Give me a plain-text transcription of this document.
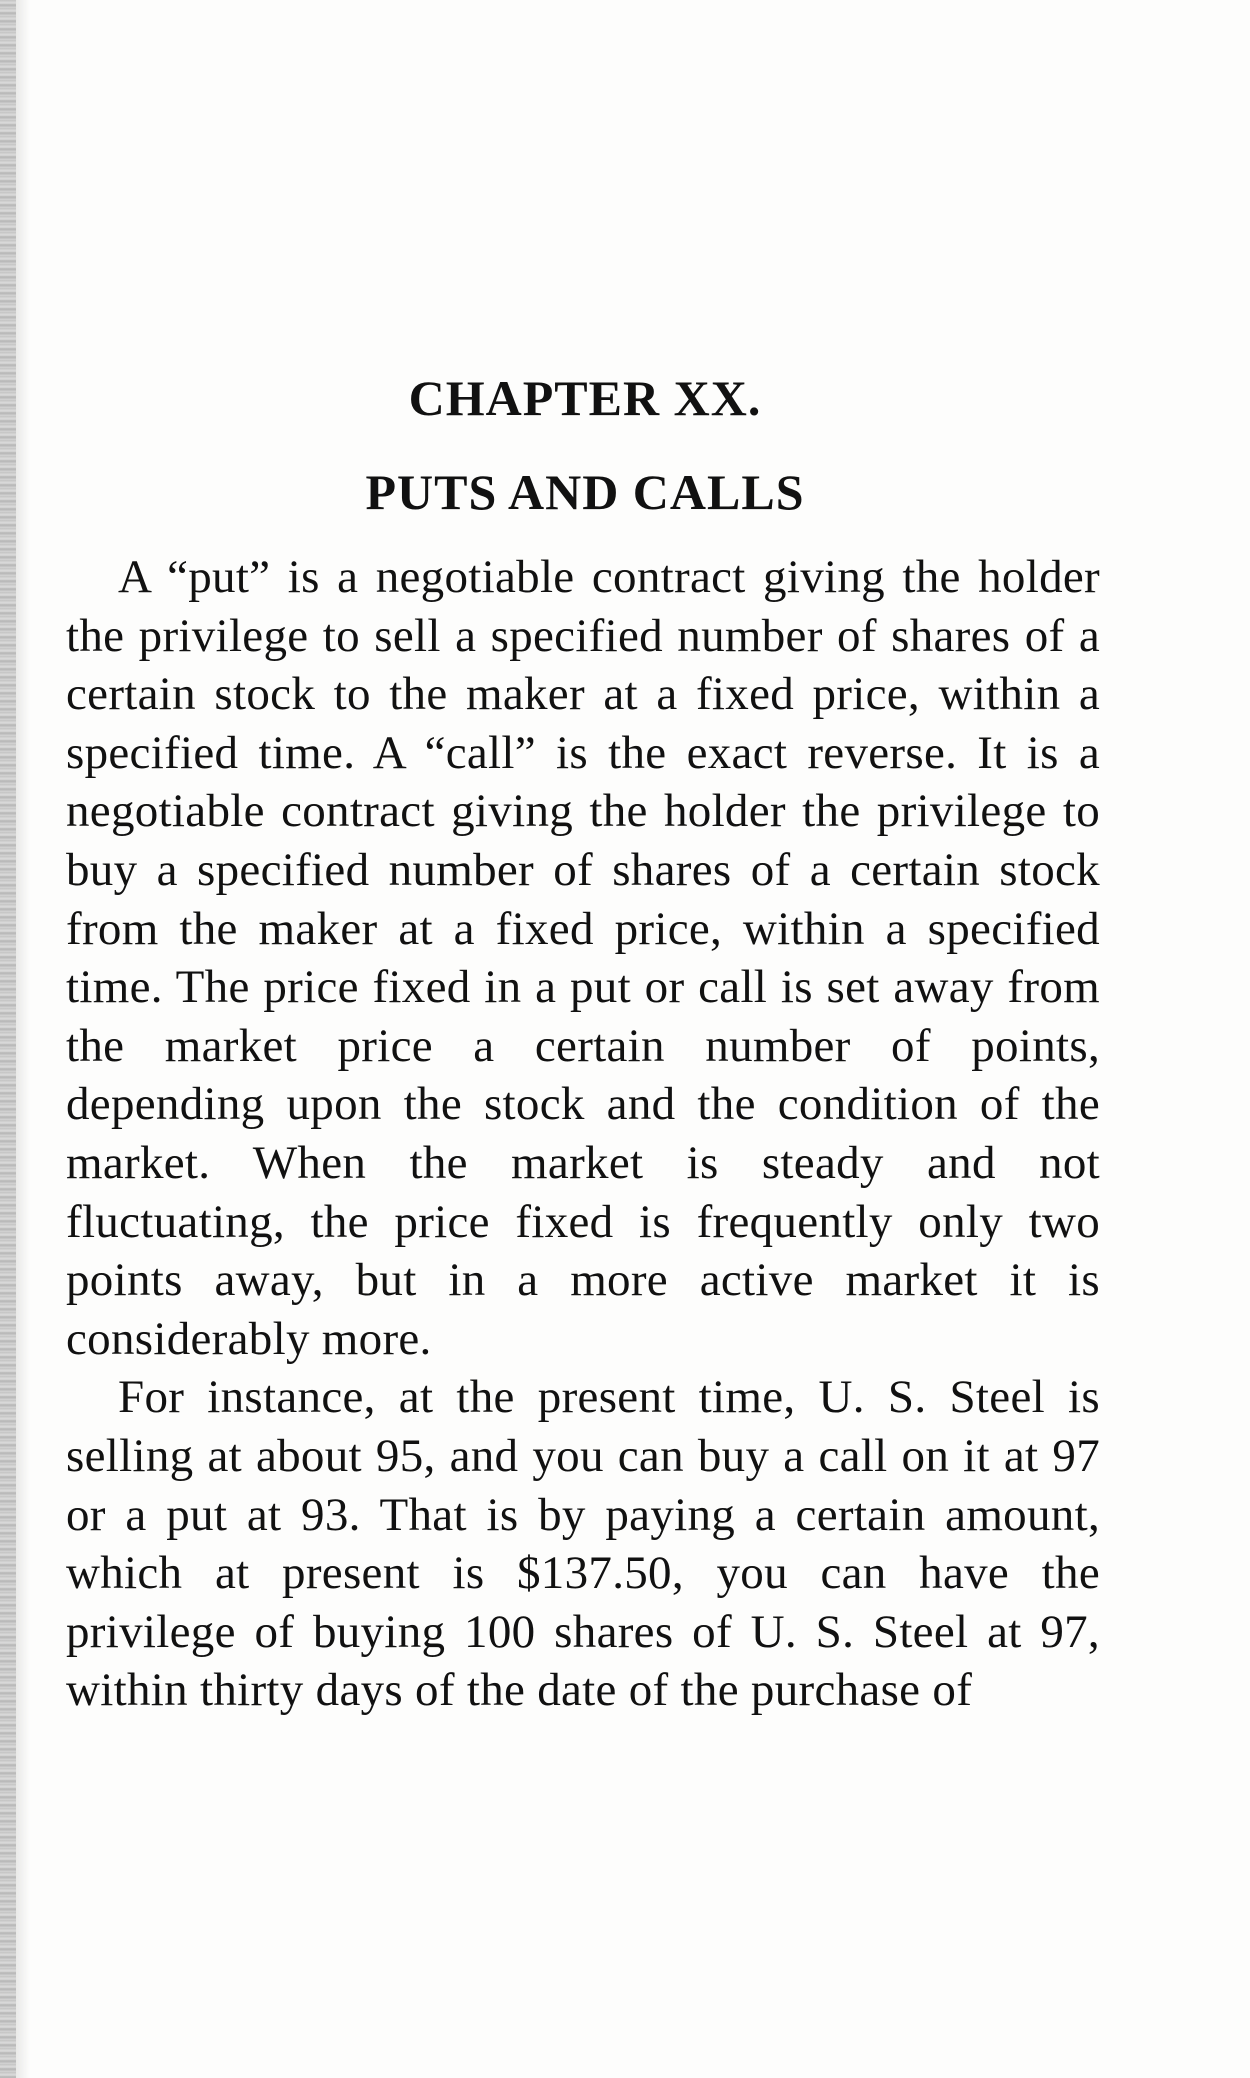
CHAPTER XX.
PUTS AND CALLS

A “put” is a negotiable contract giving the holder the privilege to sell a specified number of shares of a certain stock to the maker at a fixed price, within a specified time. A “call” is the exact reverse. It is a negotiable contract giving the holder the privilege to buy a specified number of shares of a certain stock from the maker at a fixed price, within a specified time. The price fixed in a put or call is set away from the market price a certain number of points, depending upon the stock and the condition of the market. When the market is steady and not fluctuating, the price fixed is frequently only two points away, but in a more active market it is considerably more.

For instance, at the present time, U. S. Steel is selling at about 95, and you can buy a call on it at 97 or a put at 93. That is by paying a certain amount, which at present is $137.50, you can have the privilege of buying 100 shares of U. S. Steel at 97, within thirty days of the date of the purchase of
